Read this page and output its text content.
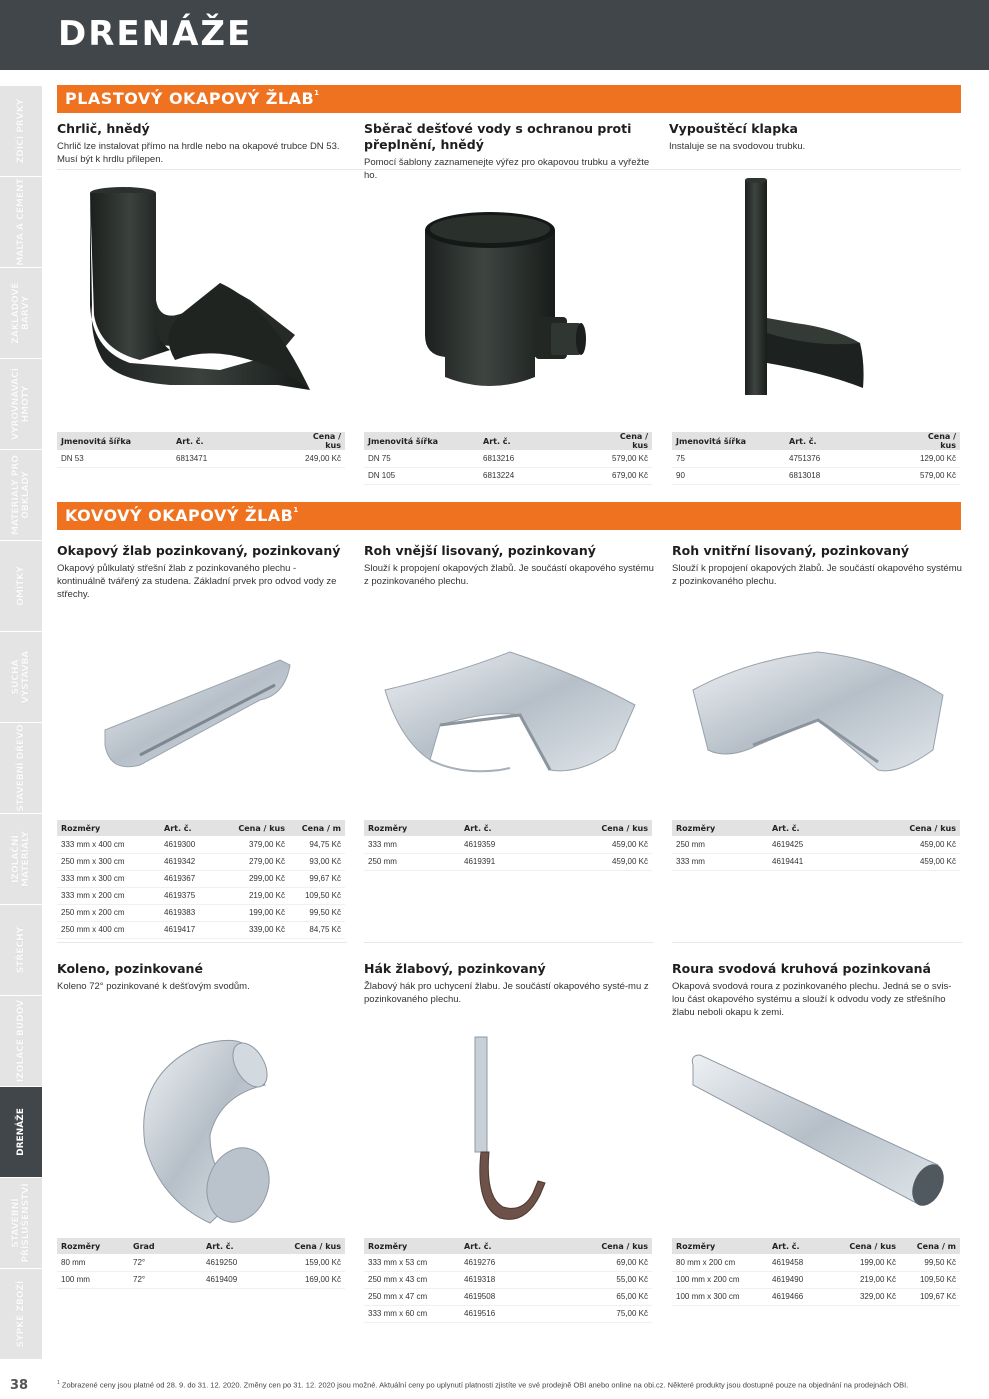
DRENÁŽE
ZDÍCÍ PRVKY
MALTA A CEMENT
ZÁKLADOVÉ BARVY
VYROVNÁVACÍ HMOTY
MATERIÁLY PRO OBKLADY
OMÍTKY
SUCHÁ VÝSTAVBA
STAVEBNÍ DŘEVO
IZOLAČNÍ MATERIÁLY
STŘECHY
IZOLACE BUDOV
DRENÁŽE
STAVEBNÍ PŘÍSLUŠENSTVÍ
SYPKÉ ZBOŽÍ
PLASTOVÝ OKAPOVÝ ŽLAB$^1$
KOVOVÝ OKAPOVÝ ŽLAB$^1$
Chrlič, hnědý

Chrlič lze instalovat přímo na hrdle nebo na okapové trubce DN 53. Musí být k hrdlu přilepen.

Sběrač dešťové vody s ochranou proti přeplnění, hnědý

Pomocí šablony zaznamenejte výřez pro okapovou trubku a vyřežte ho.

Vypouštěcí klapka

Instaluje se na svodovou trubku.

Jmenovitá šířka	Art. č.	Cena / kus
DN 53	6813471	249,00 Kč
Jmenovitá šířka	Art. č.	Cena / kus
DN 75	6813216	579,00 Kč
DN 105	6813224	679,00 Kč
Jmenovitá šířka	Art. č.	Cena / kus
75	4751376	129,00 Kč
90	6813018	579,00 Kč
Okapový žlab pozinkovaný, pozinkovaný

Okapový půlkulatý střešní žlab z pozinkovaného plechu - kontinuálně tvářený za studena. Základní prvek pro odvod vody ze střechy.

Roh vnější lisovaný, pozinkovaný

Slouží k propojení okapových žlabů. Je součástí okapového systému z pozinkovaného plechu.

Roh vnitřní lisovaný, pozinkovaný

Slouží k propojení okapových žlabů. Je součástí okapového systému z pozinkovaného plechu.

Rozměry	Art. č.	Cena / kus	Cena / m
333 mm x 400 cm	4619300	379,00 Kč	94,75 Kč
250 mm x 300 cm	4619342	279,00 Kč	93,00 Kč
333 mm x 300 cm	4619367	299,00 Kč	99,67 Kč
333 mm x 200 cm	4619375	219,00 Kč	109,50 Kč
250 mm x 200 cm	4619383	199,00 Kč	99,50 Kč
250 mm x 400 cm	4619417	339,00 Kč	84,75 Kč
Rozměry	Art. č.	Cena / kus
333 mm	4619359	459,00 Kč
250 mm	4619391	459,00 Kč
Rozměry	Art. č.	Cena / kus
250 mm	4619425	459,00 Kč
333 mm	4619441	459,00 Kč
Koleno, pozinkované

Koleno 72° pozinkované k dešťovým svodům.

Hák žlabový, pozinkovaný

Žlabový hák pro uchycení žlabu. Je součástí okapového systé-mu z pozinkovaného plechu.

Roura svodová kruhová pozinkovaná

Okapová svodová roura z pozinkovaného plechu. Jedná se o svis-lou část okapového systému a slouží k odvodu vody ze střešního žlabu neboli okapu k zemi.

Rozměry	Grad	Art. č.	Cena / kus
80 mm	72°	4619250	159,00 Kč
100 mm	72°	4619409	169,00 Kč
Rozměry	Art. č.	Cena / kus
333 mm x 53 cm	4619276	69,00 Kč
250 mm x 43 cm	4619318	55,00 Kč
250 mm x 47 cm	4619508	65,00 Kč
333 mm x 60 cm	4619516	75,00 Kč
Rozměry	Art. č.	Cena / kus	Cena / m
80 mm x 200 cm	4619458	199,00 Kč	99,50 Kč
100 mm x 200 cm	4619490	219,00 Kč	109,50 Kč
100 mm x 300 cm	4619466	329,00 Kč	109,67 Kč
38	$^1$ Zobrazené ceny jsou platné od 28. 9. do 31. 12. 2020. Změny cen po 31. 12. 2020 jsou možné. Aktuální ceny po uplynutí platnosti zjistíte ve své prodejně OBI anebo online na obi.cz. Některé produkty jsou dostupné pouze na objednání na prodejnách OBI.
